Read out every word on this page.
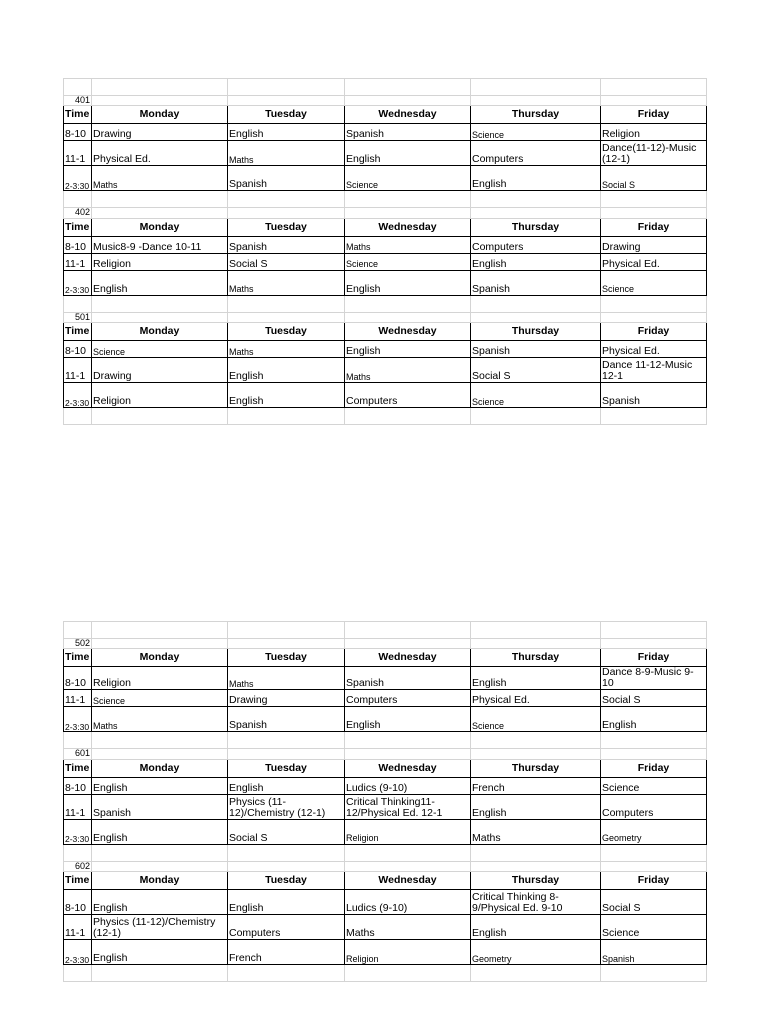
401					
Time	Monday	Tuesday	Wednesday	Thursday	Friday
8-10	Drawing	English	Spanish	Science	Religion
11-1	Physical Ed.	Maths	English	Computers	Dance(11-12)-Music (12-1)
2-3:30	Maths	Spanish	Science	English	Social S

402					
Time	Monday	Tuesday	Wednesday	Thursday	Friday
8-10	Music8-9 -Dance 10-11	Spanish	Maths	Computers	Drawing
11-1	Religion	Social S	Science	English	Physical Ed.
2-3:30	English	Maths	English	Spanish	Science

501					
Time	Monday	Tuesday	Wednesday	Thursday	Friday
8-10	Science	Maths	English	Spanish	Physical Ed.
11-1	Drawing	English	Maths	Social S	Dance 11-12-Music 12-1
2-3:30	Religion	English	Computers	Science	Spanish

502					
Time	Monday	Tuesday	Wednesday	Thursday	Friday
8-10	Religion	Maths	Spanish	English	Dance 8-9-Music 9-10
11-1	Science	Drawing	Computers	Physical Ed.	Social S
2-3:30	Maths	Spanish	English	Science	English

601					
Time	Monday	Tuesday	Wednesday	Thursday	Friday
8-10	English	English	Ludics (9-10)	French	Science
11-1	Spanish	Physics (11-12)/Chemistry (12-1)	Critical Thinking11-12/Physical Ed. 12-1	English	Computers
2-3:30	English	Social S	Religion	Maths	Geometry

602					
Time	Monday	Tuesday	Wednesday	Thursday	Friday
8-10	English	English	Ludics (9-10)	Critical Thinking 8-9/Physical Ed. 9-10	Social S
11-1	Physics (11-12)/Chemistry (12-1)	Computers	Maths	English	Science
2-3:30	English	French	Religion	Geometry	Spanish
